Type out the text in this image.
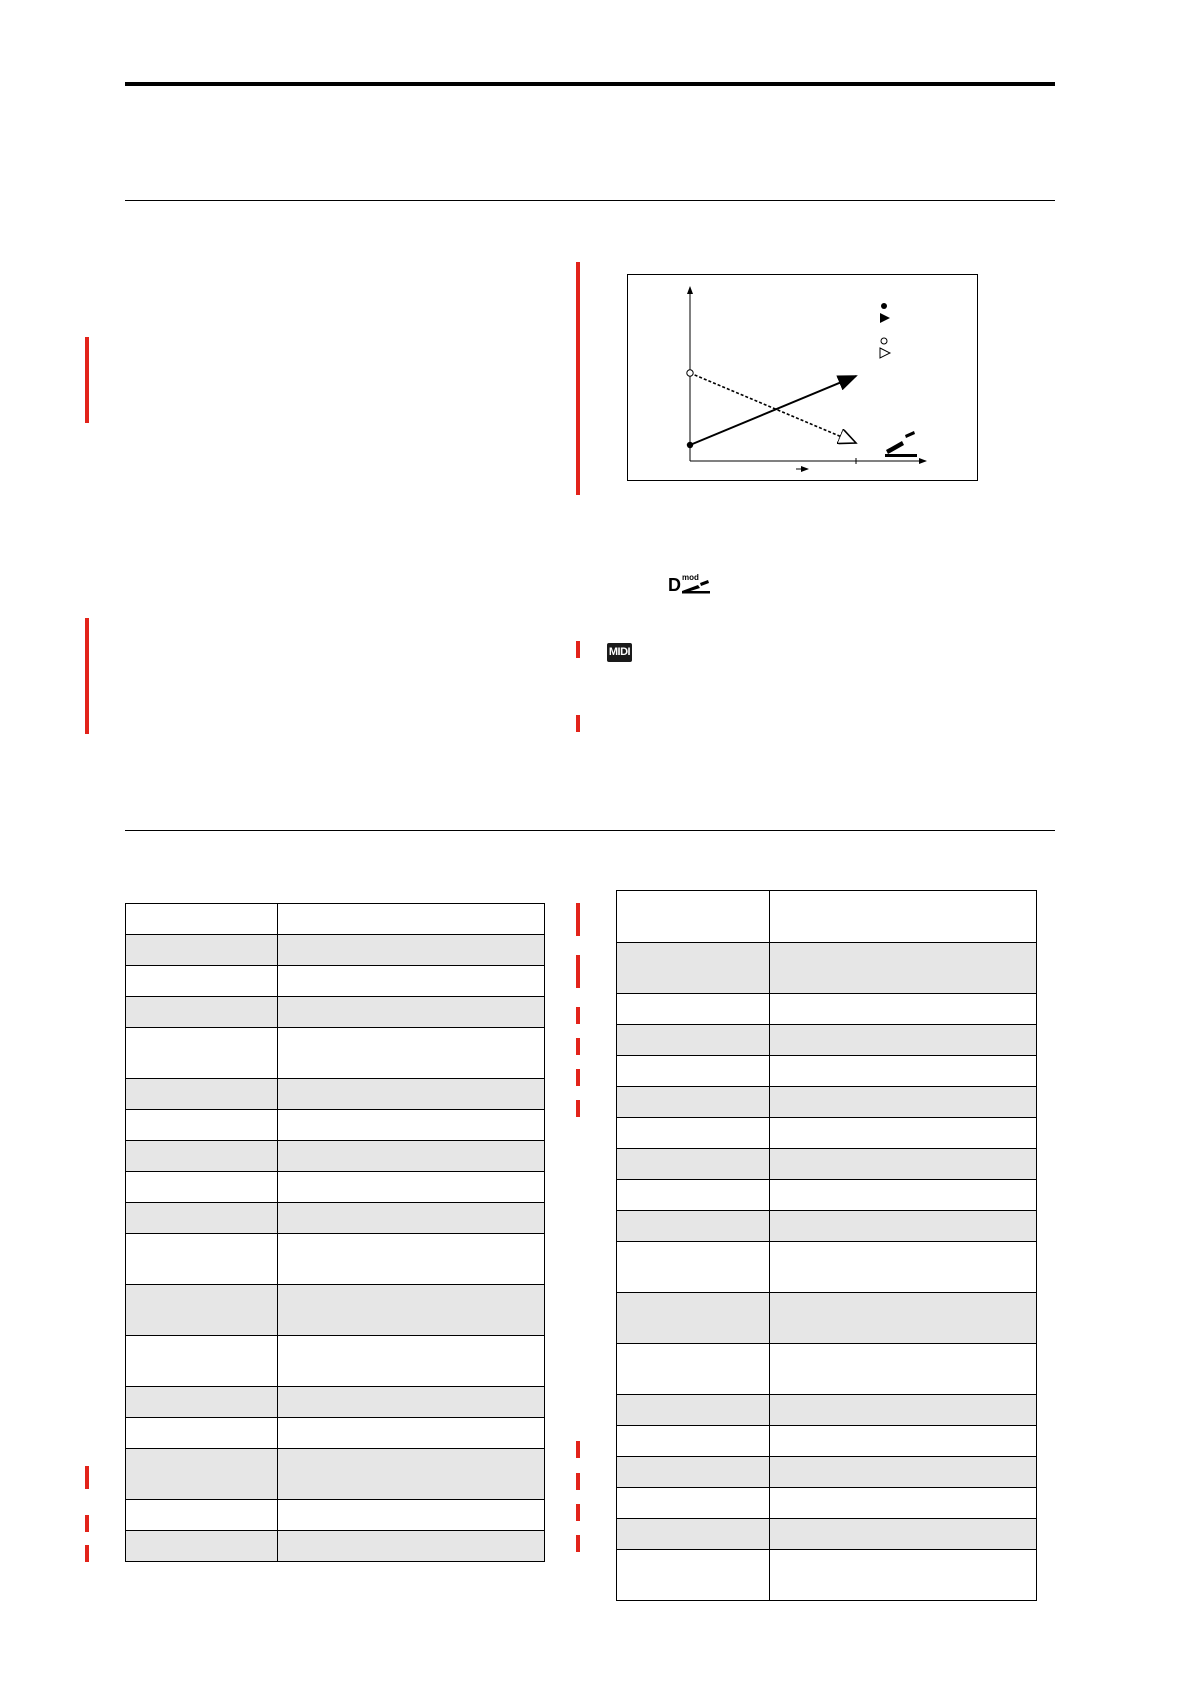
D mod
MIDI
